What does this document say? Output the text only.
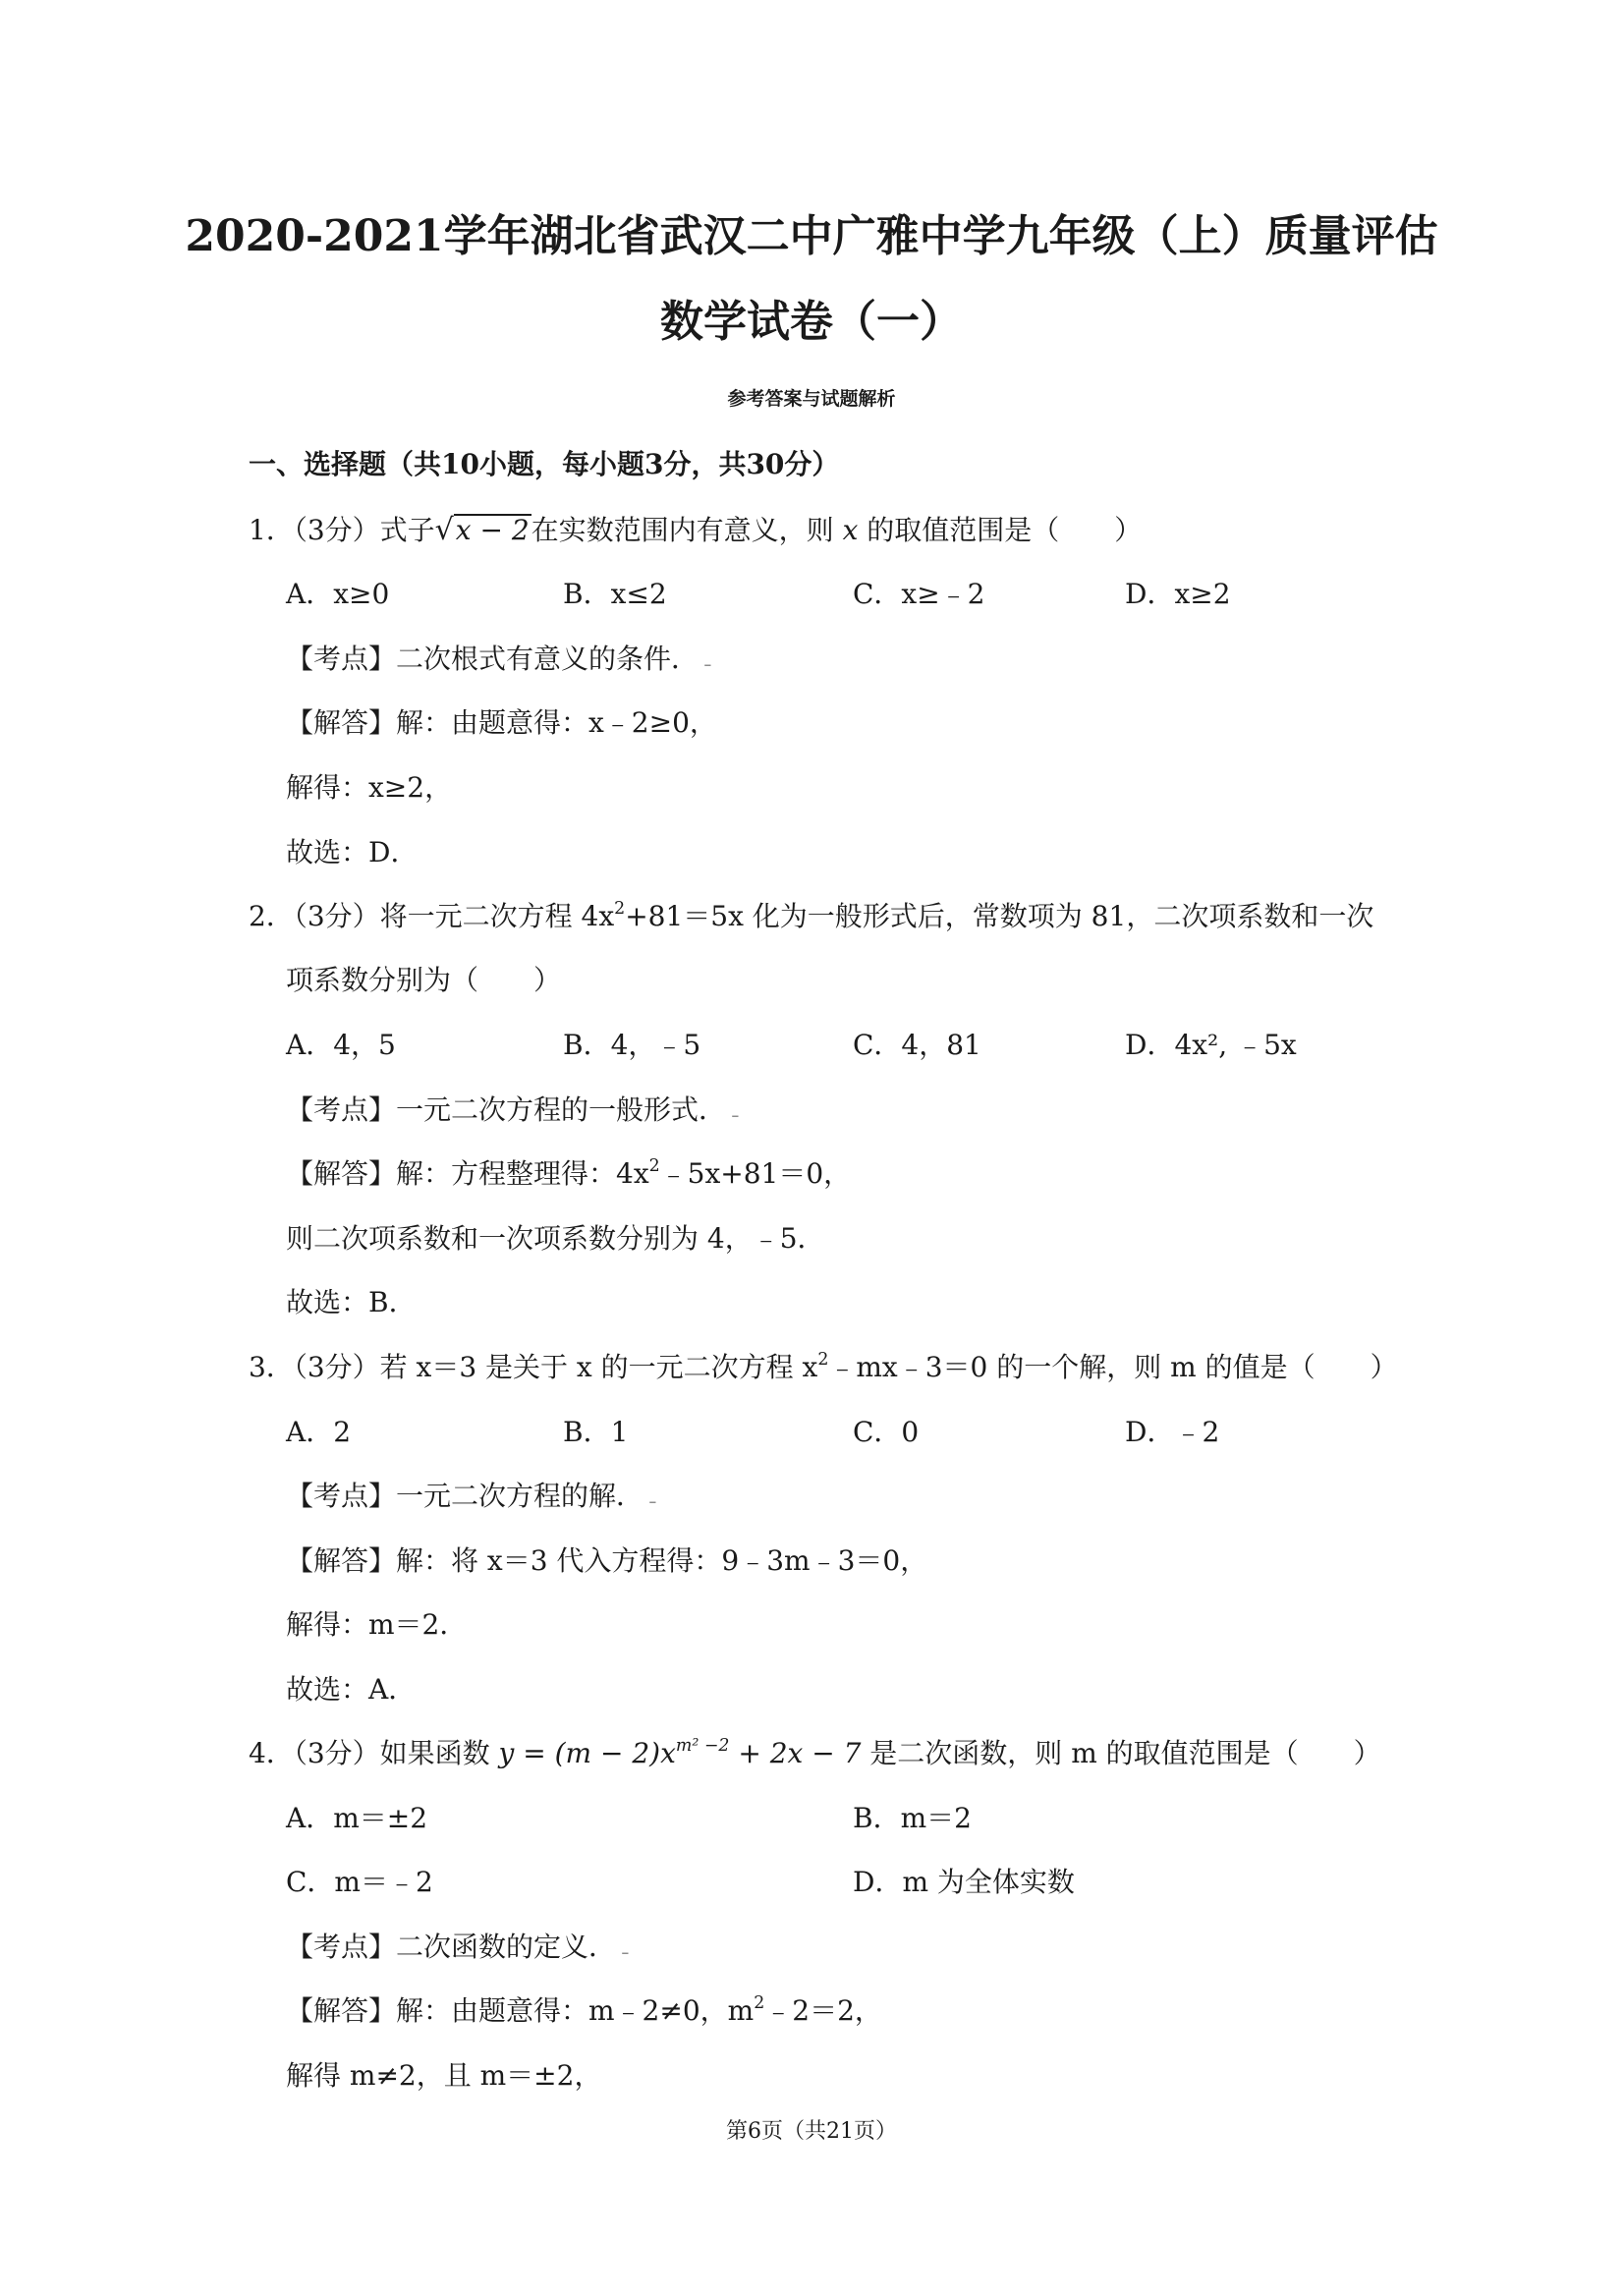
2020-2021学年湖北省武汉二中广雅中学九年级（上）质量评估
数学试卷（一）
参考答案与试题解析
一、选择题（共10小题，每小题3分，共30分）
1．（3分）式子√x − 2在实数范围内有意义，则 x 的取值范围是（　　）
A．x≥0	B．x≤2	C．x≥﹣2	D．x≥2
【考点】二次根式有意义的条件． ₋
【解答】解：由题意得：x﹣2≥0，
解得：x≥2，
故选：D．
2．（3分）将一元二次方程 $4x^2+81=5x$ 化为一般形式后，常数项为 81，二次项系数和一次
项系数分别为（　　）
A．4，5	B．4，﹣5	C．4，81	D．4x², ﹣5x
【考点】一元二次方程的一般形式． ₋
【解答】解：方程整理得：$4x^2﹣5x+81=0$，
则二次项系数和一次项系数分别为 4，﹣5．
故选：B．
3．（3分）若 x＝3 是关于 x 的一元二次方程 $x^2﹣mx﹣3=0$ 的一个解，则 m 的值是（　　）
A．2	B．1	C．0	D．﹣2
【考点】一元二次方程的解． ₋
【解答】解：将 x＝3 代入方程得：9﹣3m﹣3＝0，
解得：m＝2．
故选：A．
4．（3分）如果函数 $y = (m - 2)x^{m^2 -2} + 2x - 7$ 是二次函数，则 m 的取值范围是（　　）
A．m＝±2	B．m＝2
C．m＝﹣2	D．m 为全体实数
【考点】二次函数的定义． ₋
【解答】解：由题意得：m﹣2≠0，$m^2﹣2=2$，
解得 m≠2，且 m＝±2，
第6页（共21页）
